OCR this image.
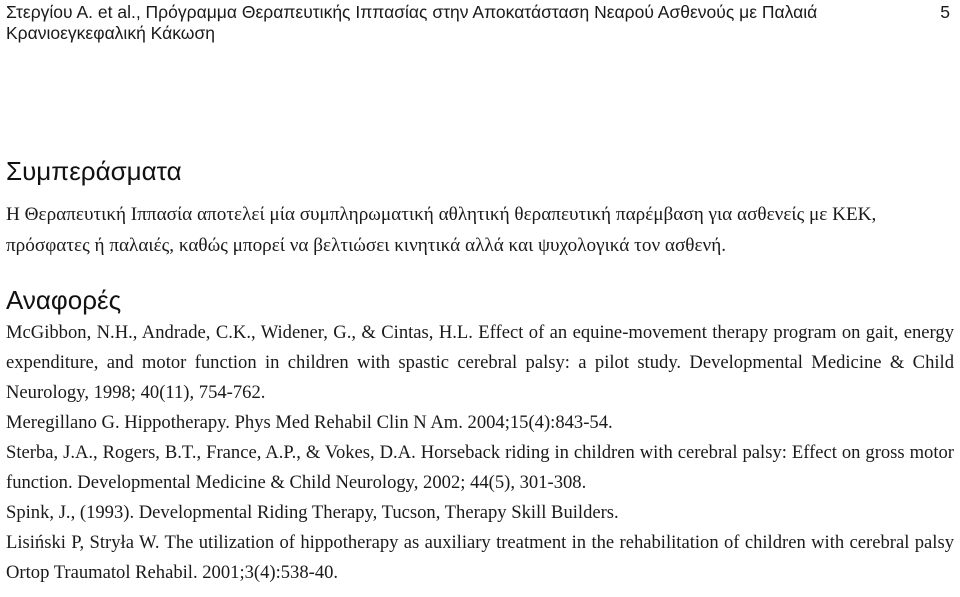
Στεργίου Α. et al., Πρόγραμμα Θεραπευτικής Ιππασίας στην Αποκατάσταση Νεαρού Ασθενούς με Παλαιά Κρανιοεγκεφαλική Κάκωση
5
Συμπεράσματα

Η Θεραπευτική Ιππασία αποτελεί μία συμπληρωματική αθλητική θεραπευτική παρέμβαση για ασθενείς με ΚΕΚ, πρόσφατες ή παλαιές, καθώς μπορεί να βελτιώσει κινητικά αλλά και ψυχολογικά τον ασθενή.

Αναφορές
McGibbon, N.H., Andrade, C.K., Widener, G., & Cintas, H.L. Effect of an equine-movement therapy program on gait, energy expenditure, and motor function in children with spastic cerebral palsy: a pilot study. Developmental Medicine & Child Neurology, 1998; 40(11), 754-762.
Meregillano G. Hippotherapy. Phys Med Rehabil Clin N Am. 2004;15(4):843-54.
Sterba, J.A., Rogers, B.T., France, A.P., & Vokes, D.A. Horseback riding in children with cerebral palsy: Effect on gross motor function. Developmental Medicine & Child Neurology, 2002; 44(5), 301-308.
Spink, J., (1993). Developmental Riding Therapy, Tucson, Therapy Skill Builders.
Lisiński P, Stryła W. The utilization of hippotherapy as auxiliary treatment in the rehabilitation of children with cerebral palsy Ortop Traumatol Rehabil. 2001;3(4):538-40.
